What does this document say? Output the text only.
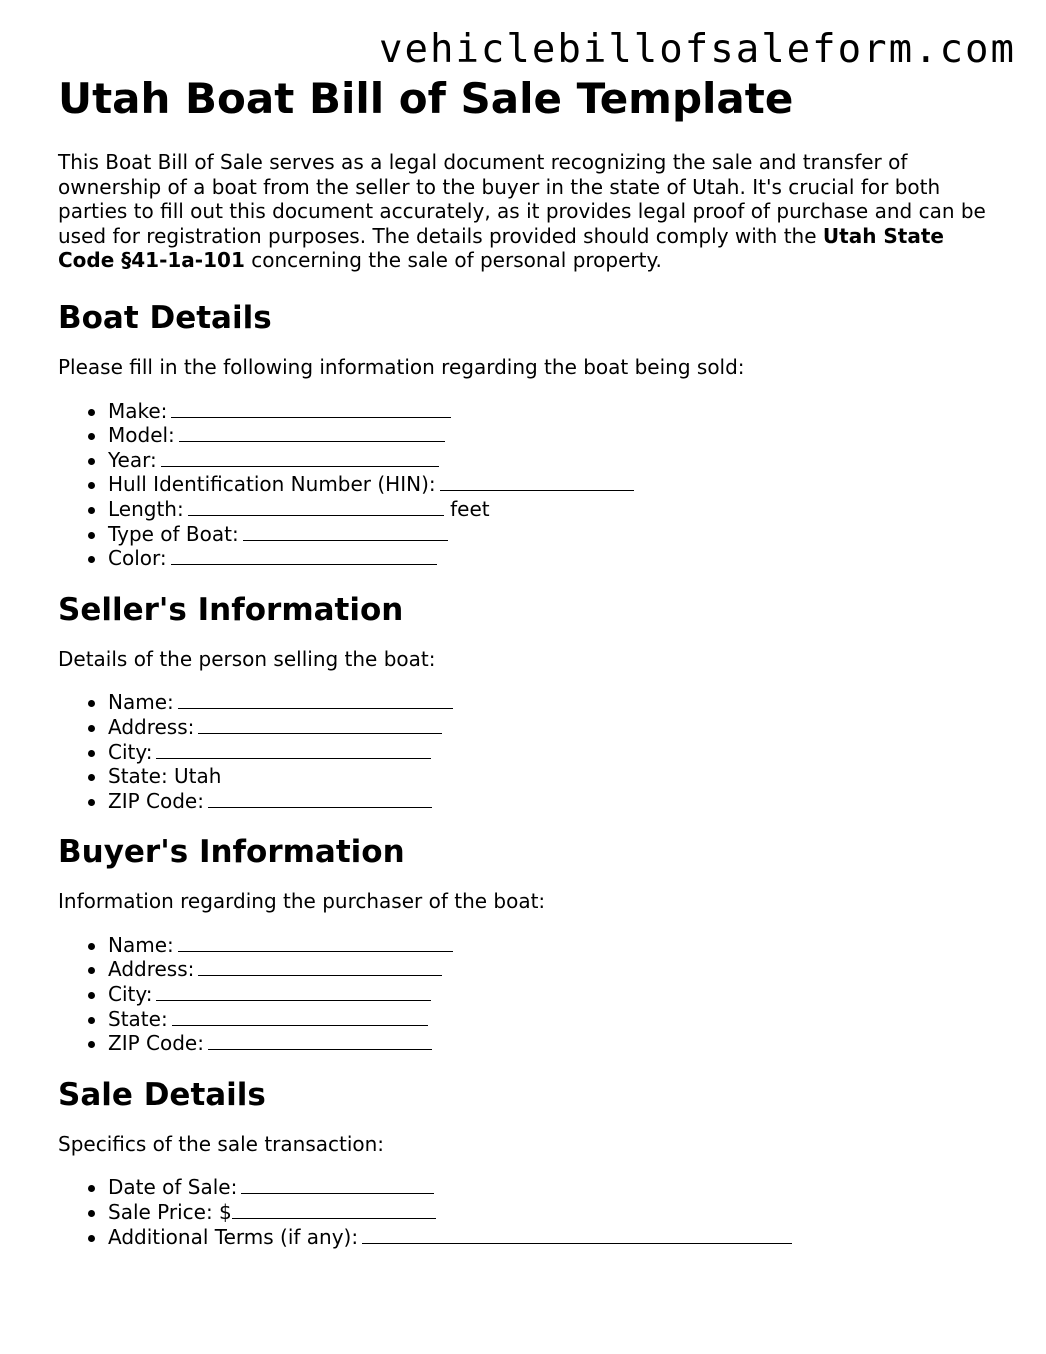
vehiclebillofsaleform.com
Utah Boat Bill of Sale Template

This Boat Bill of Sale serves as a legal document recognizing the sale and transfer of ownership of a boat from the seller to the buyer in the state of Utah. It's crucial for both parties to fill out this document accurately, as it provides legal proof of purchase and can be used for registration purposes. The details provided should comply with the Utah State Code §41-1a-101 concerning the sale of personal property.

Boat Details

Please fill in the following information regarding the boat being sold:

Make:
Model:
Year:
Hull Identification Number (HIN):
Length:	feet
Type of Boat:
Color:
Seller's Information

Details of the person selling the boat:

Name:
Address:
City:
State: Utah
ZIP Code:
Buyer's Information

Information regarding the purchaser of the boat:

Name:
Address:
City:
State:
ZIP Code:
Sale Details

Specifics of the sale transaction:

Date of Sale:
Sale Price: $
Additional Terms (if any):
